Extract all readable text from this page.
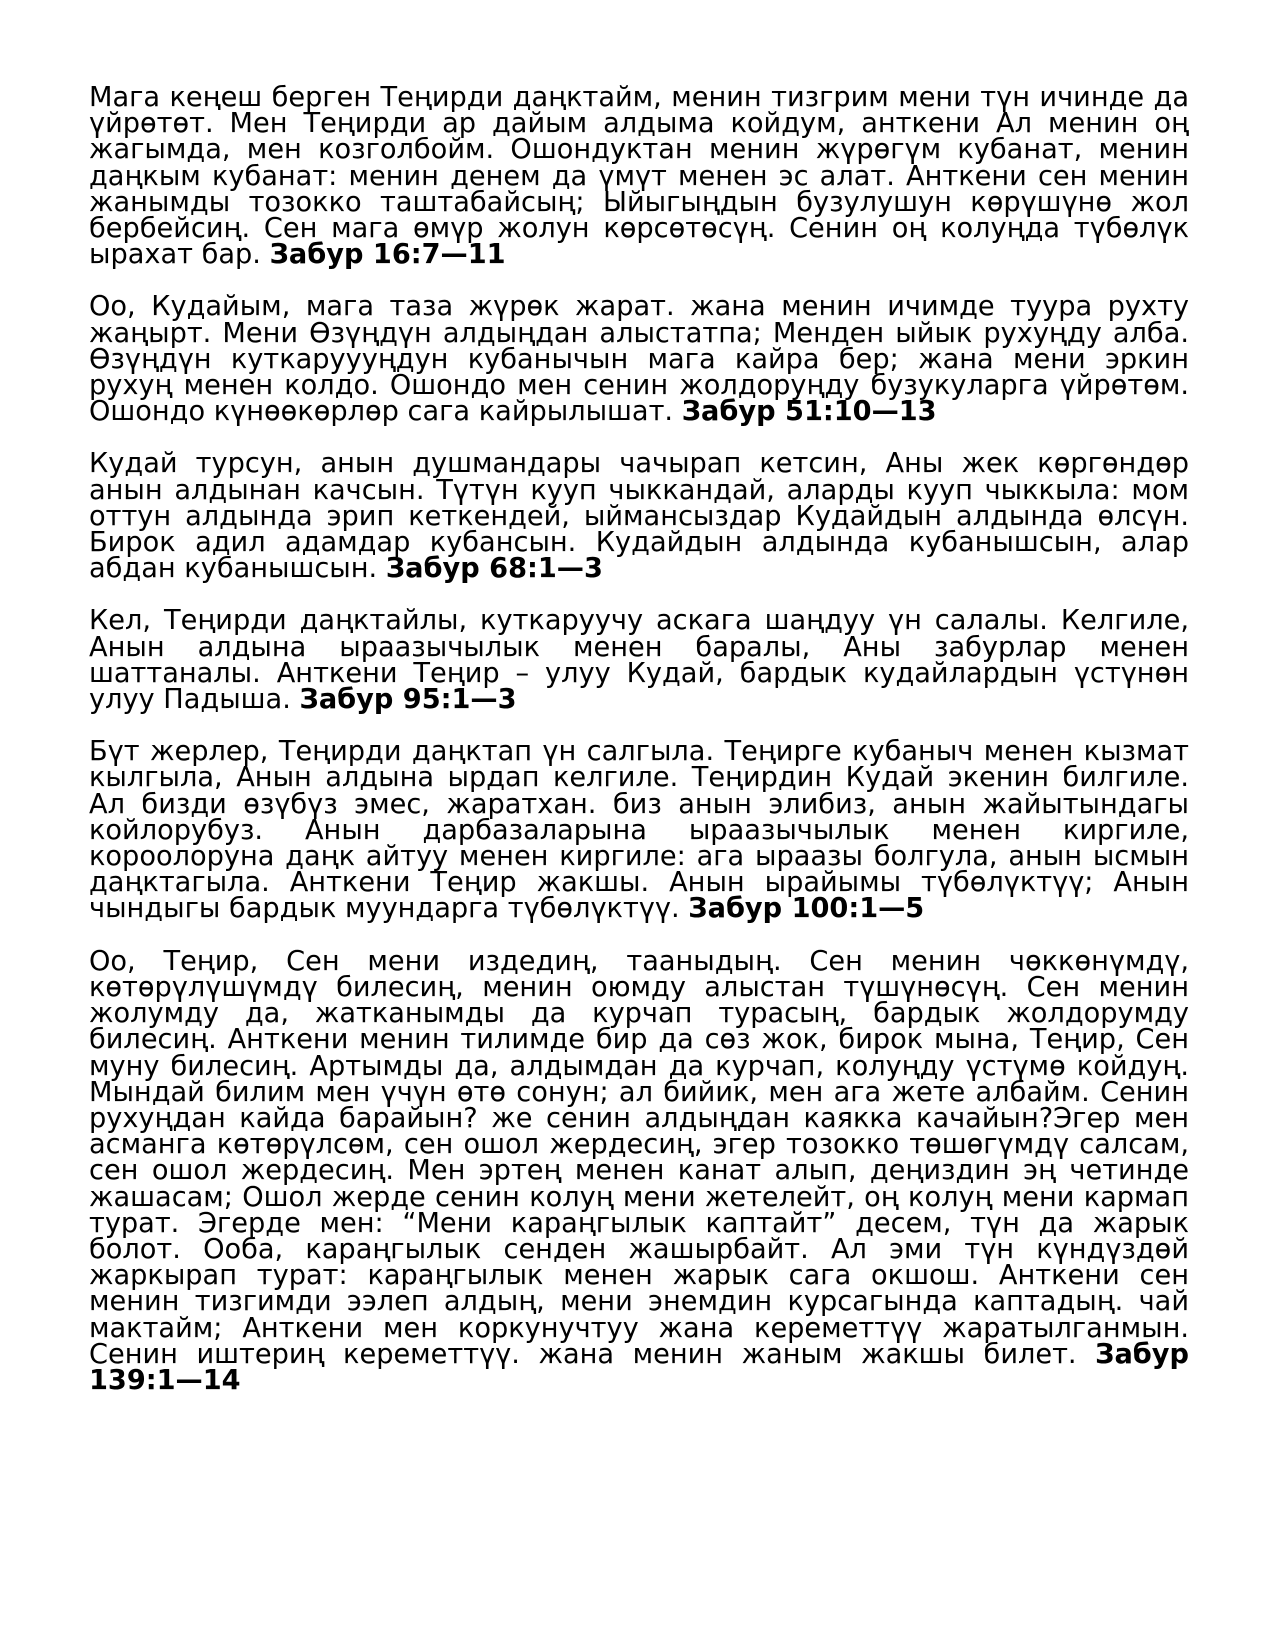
Мага кеңеш берген Теңирди даңктайм, менин тизгрим мени түн ичинде да үйрөтөт. Мен Теңирди ар дайым алдыма койдум, анткени Ал менин оң жагымда, мен козголбойм. Ошондуктан менин жүрөгүм кубанат, менин даңкым кубанат: менин денем да үмүт менен эс алат. Анткени сен менин жанымды тозокко таштабайсың; Ыйыгыңдын бузулушун көрүшүнө жол бербейсиң. Сен мага өмүр жолун көрсөтөсүң. Сенин оң колуңда түбөлүк ырахат бар. Забур 16:7—11

Оо, Кудайым, мага таза жүрөк жарат. жана менин ичимде туура рухту жаңырт. Мени Өзүңдүн алдыңдан алыстатпа; Менден ыйык рухуңду алба. Өзүңдүн куткаруууңдун кубанычын мага кайра бер; жана мени эркин рухуң менен колдо. Ошондо мен сенин жолдоруңду бузукуларга үйрөтөм. Ошондо күнөөкөрлөр сага кайрылышат. Забур 51:10—13

Кудай турсун, анын душмандары чачырап кетсин, Аны жек көргөндөр анын алдынан качсын. Түтүн кууп чыккандай, аларды кууп чыккыла: мом оттун алдында эрип кеткендей, ыймансыздар Кудайдын алдында өлсүн. Бирок адил адамдар кубансын. Кудайдын алдында кубанышсын, алар абдан кубанышсын. Забур 68:1—3

Кел, Теңирди даңктайлы, куткаруучу аскага шаңдуу үн салалы. Келгиле, Анын алдына ыраазычылык менен баралы, Аны забурлар менен шаттаналы. Анткени Теңир – улуу Кудай, бардык кудайлардын үстүнөн улуу Падыша. Забур 95:1—3

Бүт жерлер, Теңирди даңктап үн салгыла. Теңирге кубаныч менен кызмат кылгыла, Анын алдына ырдап келгиле. Теңирдин Кудай экенин билгиле. Ал бизди өзүбүз эмес, жаратхан. биз анын элибиз, анын жайытындагы койлорубуз. Анын дарбазаларына ыраазычылык менен киргиле, короолоруна даңк айтуу менен киргиле: ага ыраазы болгула, анын ысмын даңктагыла. Анткени Теңир жакшы. Анын ырайымы түбөлүктүү; Анын чындыгы бардык муундарга түбөлүктүү. Забур 100:1—5

Оо, Теңир, Сен мени издедиң, тааныдың. Сен менин чөккөнүмдү, көтөрүлүшүмдү билесиң, менин оюмду алыстан түшүнөсүң. Сен менин жолумду да, жатканымды да курчап турасың, бардык жолдорумду билесиң. Анткени менин тилимде бир да сөз жок, бирок мына, Теңир, Сен муну билесиң. Артымды да, алдымдан да курчап, колуңду үстүмө койдуң. Мындай билим мен үчүн өтө сонун; ал бийик, мен ага жете албайм. Сенин рухуңдан кайда барайын? же сенин алдыңдан каякка качайын?Эгер мен асманга көтөрүлсөм, сен ошол жердесиң, эгер тозокко төшөгүмдү салсам, сен ошол жердесиң. Мен эртең менен канат алып, деңиздин эң четинде жашасам; Ошол жерде сенин колуң мени жетелейт, оң колуң мени кармап турат. Эгерде мен: “Мени караңгылык каптайт” десем, түн да жарык болот. Ооба, караңгылык сенден жашырбайт. Ал эми түн күндүздөй жаркырап турат: караңгылык менен жарык сага окшош. Анткени сен менин тизгимди ээлеп алдың, мени энемдин курсагында каптадың. чай мактайм; Анткени мен коркунучтуу жана кереметтүү жаратылганмын. Сенин иштериң кереметтүү. жана менин жаным жакшы билет. Забур 139:1—14
